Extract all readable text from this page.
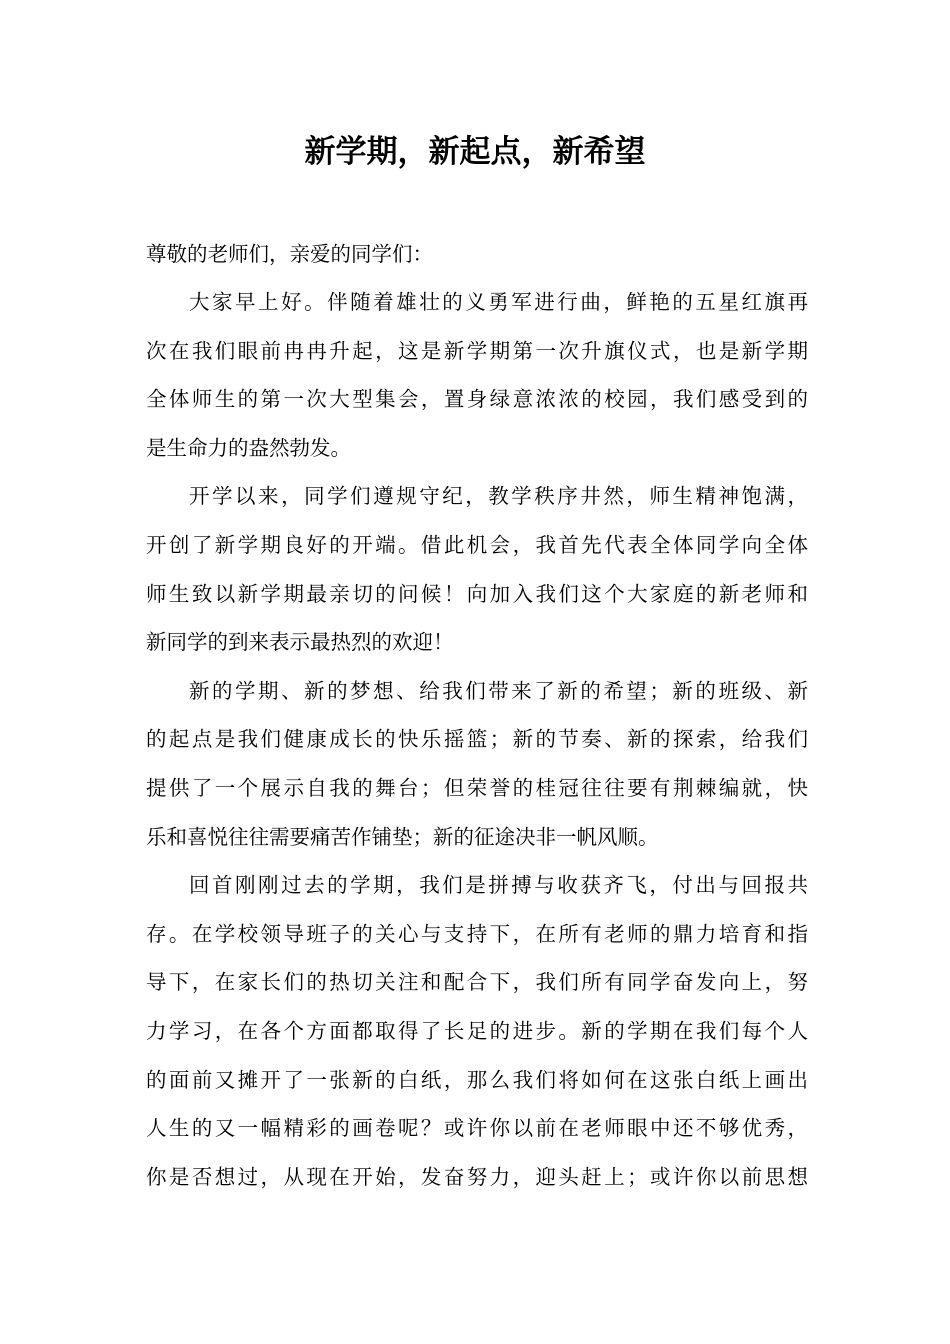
新学期，新起点，新希望

尊敬的老师们，亲爱的同学们：

大家早上好。伴随着雄壮的义勇军进行曲，鲜艳的五星红旗再
次在我们眼前冉冉升起，这是新学期第一次升旗仪式，也是新学期
全体师生的第一次大型集会，置身绿意浓浓的校园，我们感受到的
是生命力的盎然勃发。

开学以来，同学们遵规守纪，教学秩序井然，师生精神饱满，
开创了新学期良好的开端。借此机会，我首先代表全体同学向全体
师生致以新学期最亲切的问候！向加入我们这个大家庭的新老师和
新同学的到来表示最热烈的欢迎！

新的学期、新的梦想、给我们带来了新的希望；新的班级、新
的起点是我们健康成长的快乐摇篮；新的节奏、新的探索，给我们
提供了一个展示自我的舞台；但荣誉的桂冠往往要有荆棘编就，快
乐和喜悦往往需要痛苦作铺垫；新的征途决非一帆风顺。

回首刚刚过去的学期，我们是拼搏与收获齐飞，付出与回报共
存。在学校领导班子的关心与支持下，在所有老师的鼎力培育和指
导下，在家长们的热切关注和配合下，我们所有同学奋发向上，努
力学习，在各个方面都取得了长足的进步。新的学期在我们每个人
的面前又摊开了一张新的白纸，那么我们将如何在这张白纸上画出
人生的又一幅精彩的画卷呢？或许你以前在老师眼中还不够优秀，
你是否想过，从现在开始，发奋努力，迎头赶上；或许你以前思想
